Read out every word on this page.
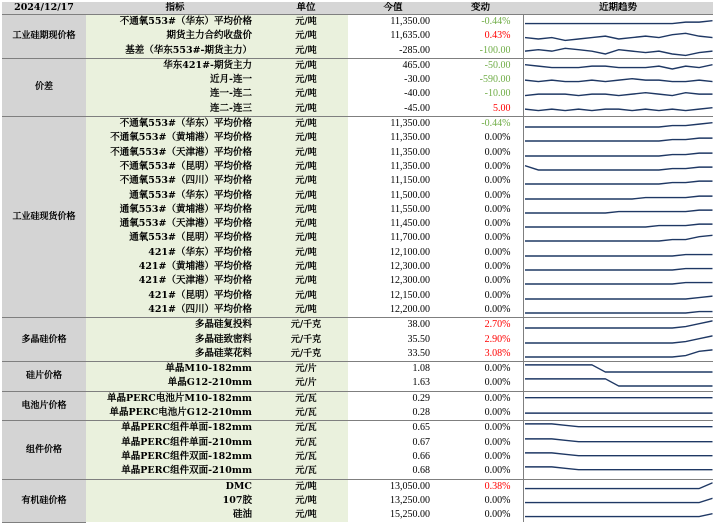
2024/12/17	指标	单位	今值	变动	近期趋势
工业硅期现价格	不通氧553#（华东）平均价格	元/吨	11,350.00	-0.44%	

	期货主力合约收盘价	元/吨	11,635.00	0.43%	

	基差（华东553#-期货主力）	元/吨	-285.00	-100.00	

价差	华东421#-期货主力	元/吨	465.00	-50.00	

	近月-连一	元/吨	-30.00	-590.00	

	连一-连二	元/吨	-40.00	-10.00	

	连二-连三	元/吨	-45.00	5.00	

工业硅现货价格	不通氧553#（华东）平均价格	元/吨	11,350.00	-0.44%	

	不通氧553#（黄埔港）平均价格	元/吨	11,350.00	0.00%	

	不通氧553#（天津港）平均价格	元/吨	11,350.00	0.00%	

	不通氧553#（昆明）平均价格	元/吨	11,350.00	0.00%	

	不通氧553#（四川）平均价格	元/吨	11,150.00	0.00%	

	通氧553#（华东）平均价格	元/吨	11,500.00	0.00%	

	通氧553#（黄埔港）平均价格	元/吨	11,550.00	0.00%	

	通氧553#（天津港）平均价格	元/吨	11,450.00	0.00%	

	通氧553#（昆明）平均价格	元/吨	11,700.00	0.00%	

	421#（华东）平均价格	元/吨	12,100.00	0.00%	

	421#（黄埔港）平均价格	元/吨	12,300.00	0.00%	

	421#（天津港）平均价格	元/吨	12,300.00	0.00%	

	421#（昆明）平均价格	元/吨	12,150.00	0.00%	

	421#（四川）平均价格	元/吨	12,200.00	0.00%	

多晶硅价格	多晶硅复投料	元/千克	38.00	2.70%	

	多晶硅致密料	元/千克	35.50	2.90%	

	多晶硅菜花料	元/千克	33.50	3.08%	

硅片价格	单晶M10-182mm	元/片	1.08	0.00%	

	单晶G12-210mm	元/片	1.63	0.00%	

电池片价格	单晶PERC电池片M10-182mm	元/瓦	0.29	0.00%	

	单晶PERC电池片G12-210mm	元/瓦	0.28	0.00%	

组件价格	单晶PERC组件单面-182mm	元/瓦	0.65	0.00%	

	单晶PERC组件单面-210mm	元/瓦	0.67	0.00%	

	单晶PERC组件双面-182mm	元/瓦	0.66	0.00%	

	单晶PERC组件双面-210mm	元/瓦	0.68	0.00%	

有机硅价格	DMC	元/吨	13,050.00	0.38%	

	107胶	元/吨	13,250.00	0.00%	

	硅油	元/吨	15,250.00	0.00%	
